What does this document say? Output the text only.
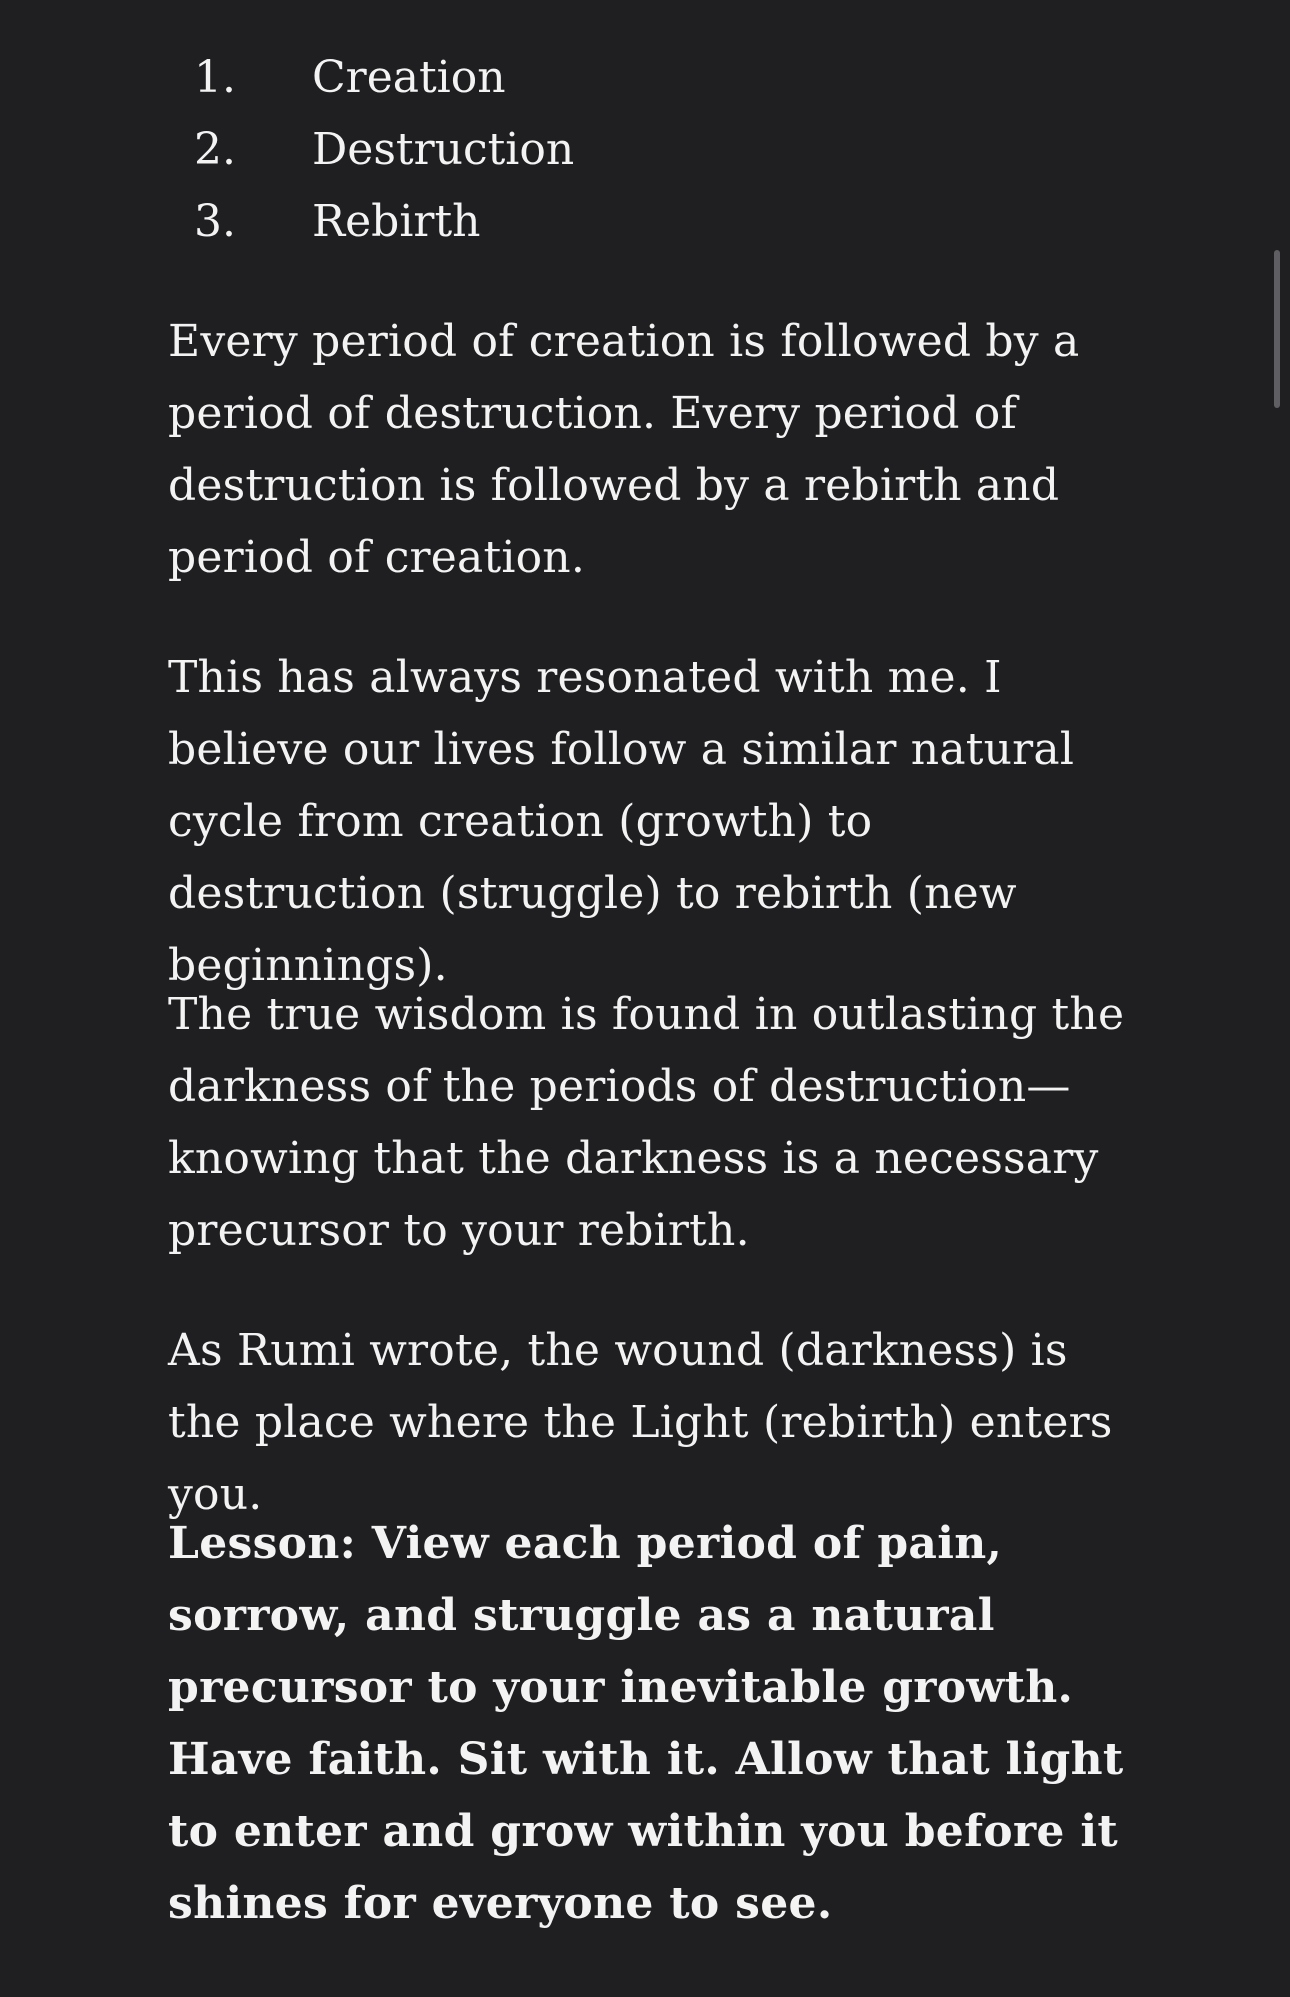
1. Creation
2. Destruction
3. Rebirth

Every period of creation is followed by a period of destruction. Every period of destruction is followed by a rebirth and period of creation.

This has always resonated with me. I believe our lives follow a similar natural cycle from creation (growth) to destruction (struggle) to rebirth (new beginnings).

The true wisdom is found in outlasting the darkness of the periods of destruction—knowing that the darkness is a necessary precursor to your rebirth.

As Rumi wrote, the wound (darkness) is the place where the Light (rebirth) enters you.

Lesson: View each period of pain, sorrow, and struggle as a natural precursor to your inevitable growth. Have faith. Sit with it. Allow that light to enter and grow within you before it shines for everyone to see.
